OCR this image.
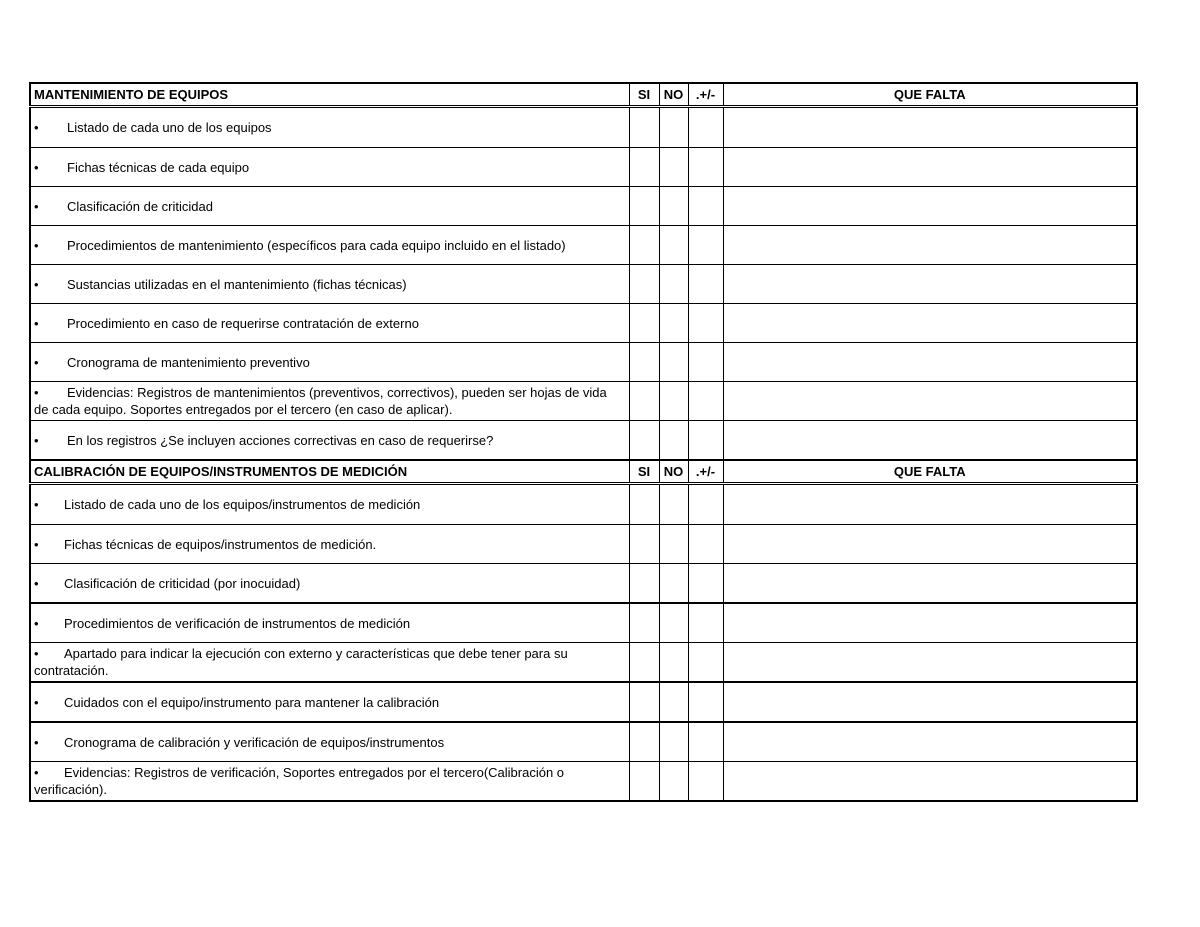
MANTENIMIENTO DE EQUIPOS	SI	NO	.+/-	QUE FALTA
• Listado de cada uno de los equipos				
• Fichas técnicas de cada equipo				
• Clasificación de criticidad				
• Procedimientos de mantenimiento (específicos para cada equipo incluido en el listado)				
• Sustancias utilizadas en el mantenimiento (fichas técnicas)				
• Procedimiento en caso de requerirse contratación de externo				
• Cronograma de mantenimiento preventivo				
• Evidencias: Registros de mantenimientos (preventivos, correctivos), pueden ser hojas de vida de cada equipo. Soportes entregados por el tercero (en caso de aplicar).				
• En los registros ¿Se incluyen acciones correctivas en caso de requerirse?				
CALIBRACIÓN DE EQUIPOS/INSTRUMENTOS DE MEDICIÓN	SI	NO	.+/-	QUE FALTA
• Listado de cada uno de los equipos/instrumentos de medición				
• Fichas técnicas de equipos/instrumentos de medición.				
• Clasificación de criticidad (por inocuidad)				
• Procedimientos de verificación de instrumentos de medición				
• Apartado para indicar la ejecución con externo y características que debe tener para su contratación.				
• Cuidados con el equipo/instrumento para mantener la calibración				
• Cronograma de calibración y verificación de equipos/instrumentos				
• Evidencias: Registros de verificación, Soportes entregados por el tercero(Calibración o verificación).				
